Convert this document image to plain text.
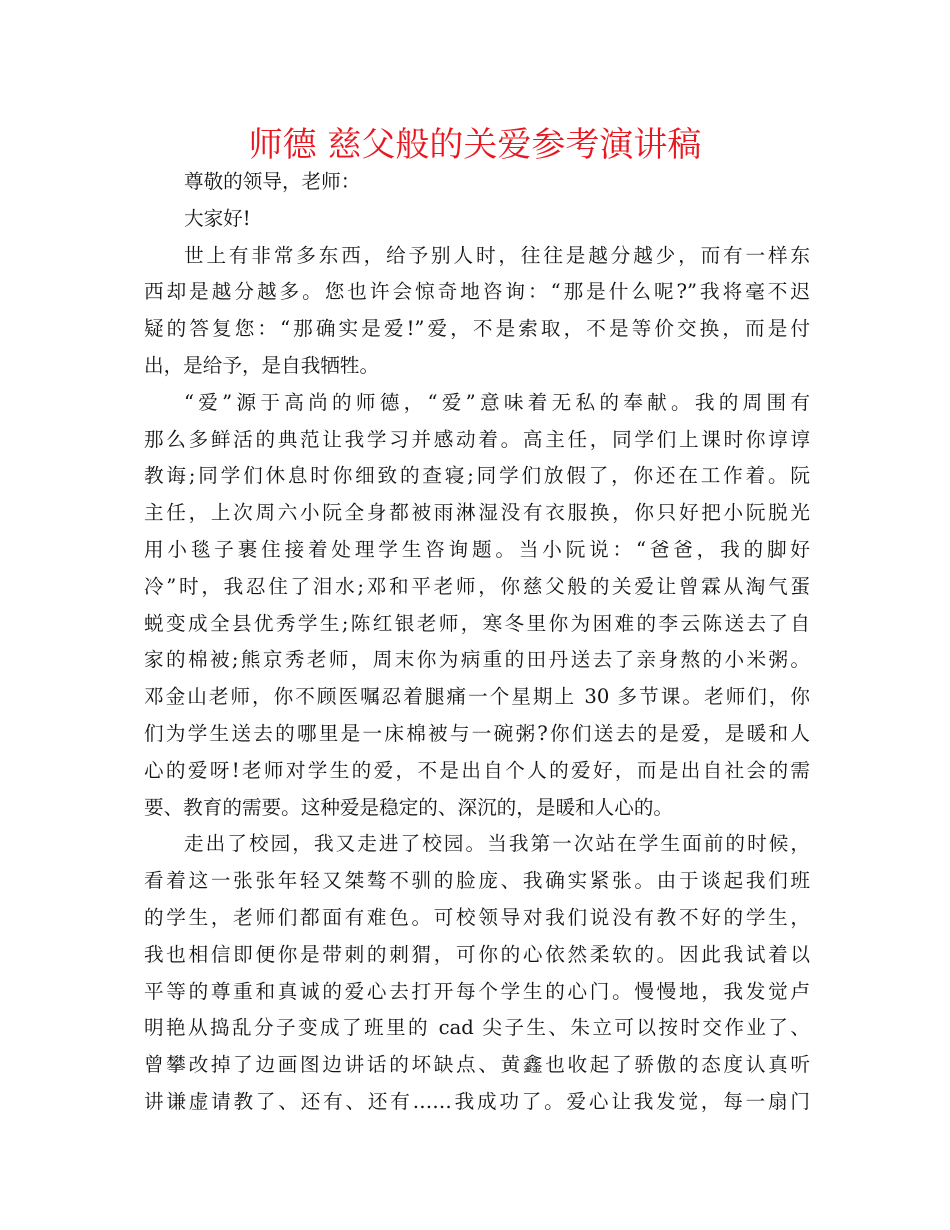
师德 慈父般的关爱参考演讲稿
尊敬的领导，老师：
大家好!
世上有非常多东西，给予别人时，往往是越分越少，而有一样东
西却是越分越多。您也许会惊奇地咨询：“那是什么呢?”我将毫不迟
疑的答复您：“那确实是爱!”爱，不是索取，不是等价交换，而是付
出，是给予，是自我牺牲。
“爱”源于高尚的师德，“爱”意味着无私的奉献。我的周围有
那么多鲜活的典范让我学习并感动着。高主任，同学们上课时你谆谆
教诲;同学们休息时你细致的查寝;同学们放假了，你还在工作着。阮
主任，上次周六小阮全身都被雨淋湿没有衣服换，你只好把小阮脱光
用小毯子裹住接着处理学生咨询题。当小阮说：“爸爸，我的脚好
冷”时，我忍住了泪水;邓和平老师，你慈父般的关爱让曾霖从淘气蛋
蜕变成全县优秀学生;陈红银老师，寒冬里你为困难的李云陈送去了自
家的棉被;熊京秀老师，周末你为病重的田丹送去了亲身熬的小米粥。
邓金山老师，你不顾医嘱忍着腿痛一个星期上 30 多节课。老师们，你
们为学生送去的哪里是一床棉被与一碗粥?你们送去的是爱，是暖和人
心的爱呀!老师对学生的爱，不是出自个人的爱好，而是出自社会的需
要、教育的需要。这种爱是稳定的、深沉的，是暖和人心的。
走出了校园，我又走进了校园。当我第一次站在学生面前的时候，
看着这一张张年轻又桀骜不驯的脸庞、我确实紧张。由于谈起我们班
的学生，老师们都面有难色。可校领导对我们说没有教不好的学生，
我也相信即便你是带刺的刺猬，可你的心依然柔软的。因此我试着以
平等的尊重和真诚的爱心去打开每个学生的心门。慢慢地，我发觉卢
明艳从捣乱分子变成了班里的 cad 尖子生、朱立可以按时交作业了、
曾攀改掉了边画图边讲话的坏缺点、黄鑫也收起了骄傲的态度认真听
讲谦虚请教了、还有、还有……我成功了。爱心让我发觉，每一扇门
